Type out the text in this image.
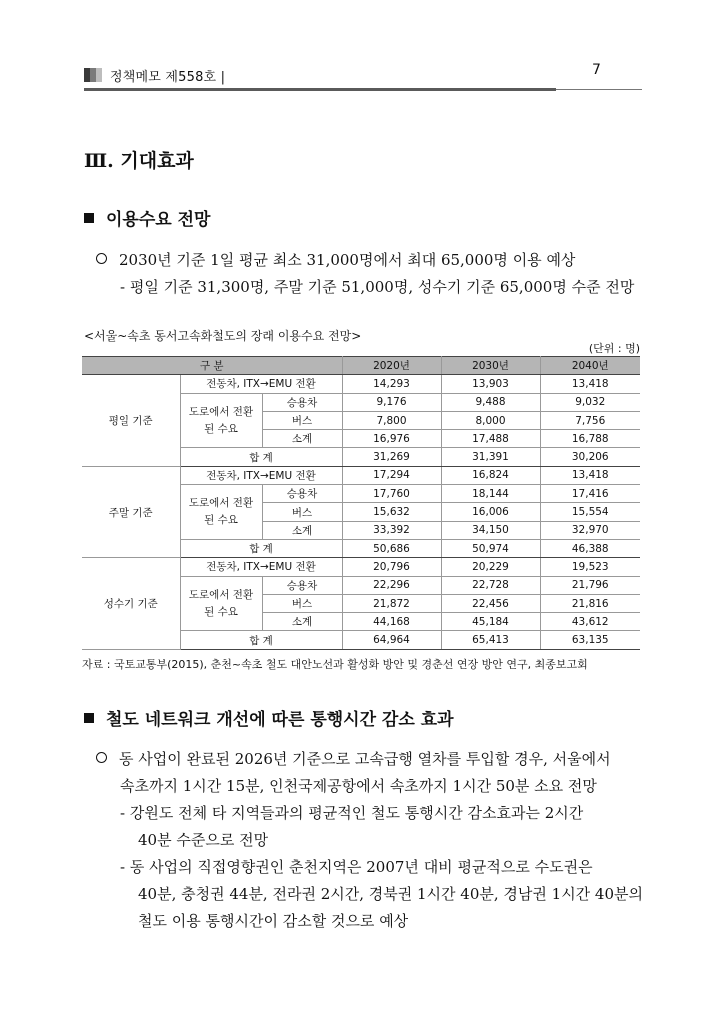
정책메모 제558호 |	7
Ⅲ. 기대효과
이용수요 전망
2030년 기준 1일 평균 최소 31,000명에서 최대 65,000명 이용 예상
- 평일 기준 31,300명, 주말 기준 51,000명, 성수기 기준 65,000명 수준 전망
<서울~속초 동서고속화철도의 장래 이용수요 전망>
(단위 : 명)
구 분			2020년	2030년	2040년
평일 기준	전동차, ITX→EMU 전환		14,293	13,903	13,418
	도로에서 전환된 수요	승용차	9,176	9,488	9,032
		버스	7,800	8,000	7,756
		소계	16,976	17,488	16,788
	합 계		31,269	31,391	30,206
주말 기준	전동차, ITX→EMU 전환		17,294	16,824	13,418
	도로에서 전환된 수요	승용차	17,760	18,144	17,416
		버스	15,632	16,006	15,554
		소계	33,392	34,150	32,970
	합 계		50,686	50,974	46,388
성수기 기준	전동차, ITX→EMU 전환		20,796	20,229	19,523
	도로에서 전환된 수요	승용차	22,296	22,728	21,796
		버스	21,872	22,456	21,816
		소계	44,168	45,184	43,612
	합 계		64,964	65,413	63,135
자료 : 국토교통부(2015), 춘천~속초 철도 대안노선과 활성화 방안 및 경춘선 연장 방안 연구, 최종보고회
철도 네트워크 개선에 따른 통행시간 감소 효과
동 사업이 완료된 2026년 기준으로 고속급행 열차를 투입할 경우, 서울에서
속초까지 1시간 15분, 인천국제공항에서 속초까지 1시간 50분 소요 전망
- 강원도 전체 타 지역들과의 평균적인 철도 통행시간 감소효과는 2시간
40분 수준으로 전망
- 동 사업의 직접영향권인 춘천지역은 2007년 대비 평균적으로 수도권은
40분, 충청권 44분, 전라권 2시간, 경북권 1시간 40분, 경남권 1시간 40분의
철도 이용 통행시간이 감소할 것으로 예상
